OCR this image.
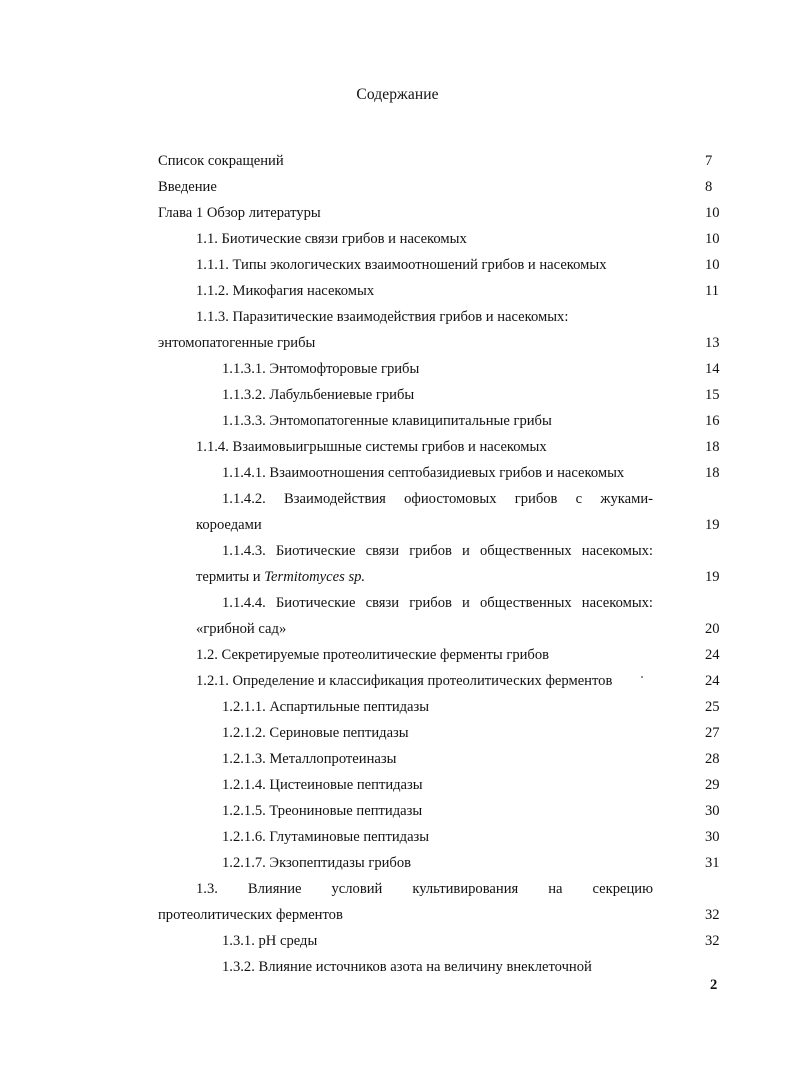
Содержание
Список сокращений	7
Введение	8
Глава 1 Обзор литературы	10
1.1. Биотические связи грибов и насекомых	10
1.1.1. Типы экологических взаимоотношений грибов и насекомых	10
1.1.2. Микофагия насекомых	11
1.1.3. Паразитические взаимодействия грибов и насекомых:
энтомопатогенные грибы	13
1.1.3.1. Энтомофторовые грибы	14
1.1.3.2. Лабульбениевые грибы	15
1.1.3.3. Энтомопатогенные клавиципитальные грибы	16
1.1.4. Взаимовыигрышные системы грибов и насекомых	18
1.1.4.1. Взаимоотношения септобазидиевых грибов и насекомых	18
1.1.4.2. Взаимодействия офиостомовых грибов с жуками-
короедами	19
1.1.4.3. Биотические связи грибов и общественных насекомых:
термиты и Termitomyces sp.	19
1.1.4.4. Биотические связи грибов и общественных насекомых:
«грибной сад»	20
1.2. Секретируемые протеолитические ферменты грибов	24
1.2.1. Определение и классификация протеолитических ферментов	24
1.2.1.1. Аспартильные пептидазы	25
1.2.1.2. Сериновые пептидазы	27
1.2.1.3. Металлопротеиназы	28
1.2.1.4. Цистеиновые пептидазы	29
1.2.1.5. Треониновые пептидазы	30
1.2.1.6. Глутаминовые пептидазы	30
1.2.1.7. Экзопептидазы грибов	31
1.3. Влияние условий культивирования на секрецию
протеолитических ферментов	32
1.3.1. pH среды	32
1.3.2. Влияние источников азота на величину внеклеточной
2
